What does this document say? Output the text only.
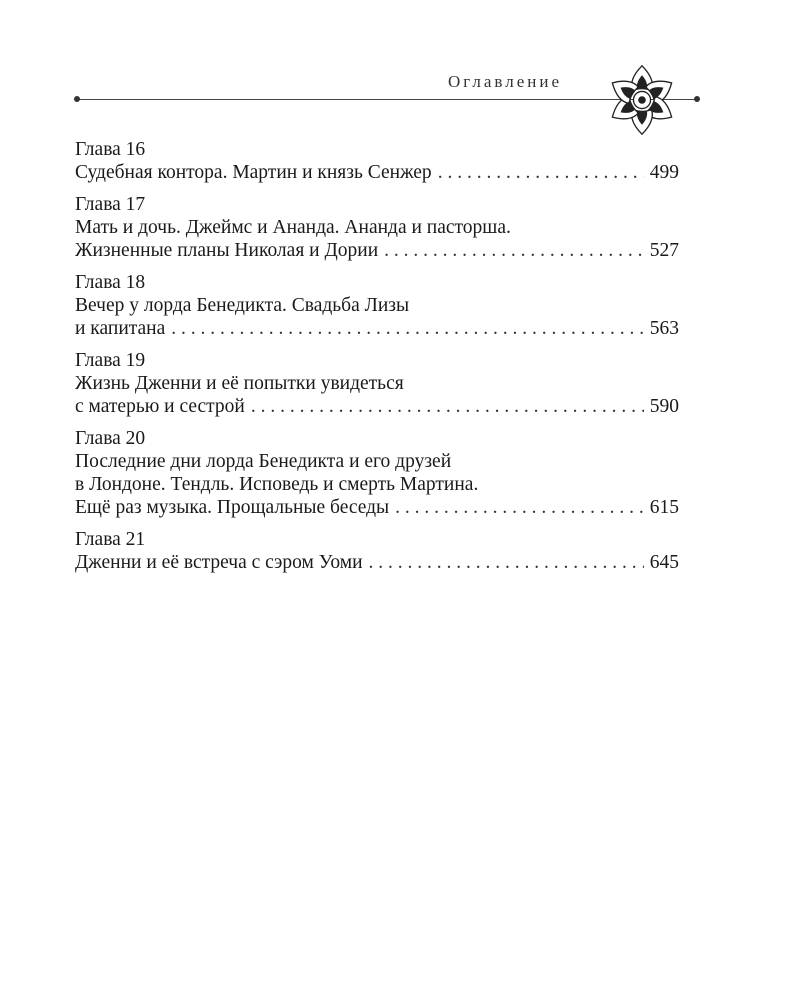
Оглавление
Глава 16
Судебная контора. Мартин и князь Сенжер . . .	499
Глава 17
Мать и дочь. Джеймс и Ананда. Ананда и пасторша.
Жизненные планы Николая и Дории . . .	527
Глава 18
Вечер у лорда Бенедикта. Свадьба Лизы
и капитана . . .	563
Глава 19
Жизнь Дженни и её попытки увидеться
с матерью и сестрой . . .	590
Глава 20
Последние дни лорда Бенедикта и его друзей
в Лондоне. Тендль. Исповедь и смерть Мартина.
Ещё раз музыка. Прощальные беседы . . .	615
Глава 21
Дженни и её встреча с сэром Уоми . . .	645
